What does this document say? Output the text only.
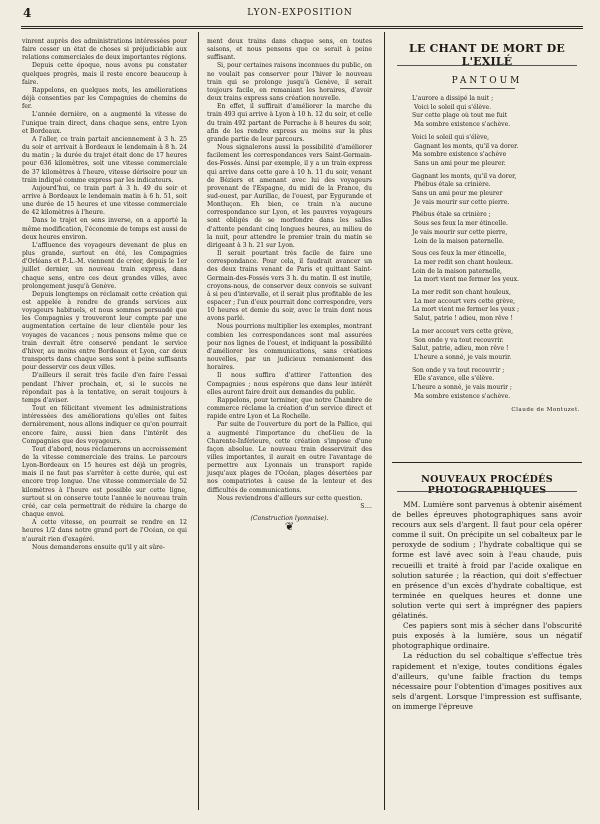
4	LYON-EXPOSITION

vinrent auprès des administrations intéressées pour faire cesser un état de choses si préjudiciable aux relations commerciales de deux importantes régions.

Depuis cette époque, nous avons pu constater quelques progrès, mais il reste encore beaucoup à faire.

Rappelons, en quelques mots, les améliorations déjà consenties par les Compagnies de chemins de fer.

L'année dernière, on a augmenté la vitesse de l'unique train direct, dans chaque sens, entre Lyon et Bordeaux.

A l'aller, ce train partait anciennement à 3 h. 25 du soir et arrivait à Bordeaux le lendemain à 8 h. 24 du matin ; la durée du trajet était donc de 17 heures pour 636 kilomètres, soit une vitesse commerciale de 37 kilomètres à l'heure, vitesse dérisoire pour un train indiqué comme express par les indicateurs.

Aujourd'hui, ce train part à 3 h. 49 du soir et arrive à Bordeaux le lendemain matin à 6 h. 51, soit une durée de 15 heures et une vitesse commerciale de 42 kilomètres à l'heure.

Dans le trajet en sens inverse, on a apporté la même modification, l'économie de temps est aussi de deux heures environ.

L'affluence des voyageurs devenant de plus en plus grande, surtout en été, les Compagnies d'Orléans et P.-L.-M. viennent de créer, depuis le 1er juillet dernier, un nouveau train express, dans chaque sens, entre ces deux grandes villes, avec prolongement jusqu'à Genève.

Depuis longtemps on réclamait cette création qui est appelée à rendre de grands services aux voyageurs habituels, et nous sommes persuadé que les Compagnies y trouveront leur compte par une augmentation certaine de leur clientèle pour les voyages de vacances ; nous pensons même que ce train devrait être conservé pendant le service d'hiver, au moins entre Bordeaux et Lyon, car deux transports dans chaque sens sont à peine suffisants pour desservir ces deux villes.

D'ailleurs il serait très facile d'en faire l'essai pendant l'hiver prochain, et, si le succès ne répondait pas à la tentative, on serait toujours à temps d'aviser.

Tout en félicitant vivement les administrations intéressées des améliorations qu'elles ont faites dernièrement, nous allons indiquer ce qu'on pourrait encore faire, aussi bien dans l'intérêt des Compagnies que des voyageurs.

Tout d'abord, nous réclamerons un accroissement de la vitesse commerciale des trains. Le parcours Lyon-Bordeaux en 15 heures est déjà un progrès, mais il ne faut pas s'arrêter à cette durée, qui est encore trop longue. Une vitesse commerciale de 52 kilomètres à l'heure est possible sur cette ligne, surtout si on conserve toute l'année le nouveau train créé, car cela permettrait de réduire la charge de chaque envoi.

A cette vitesse, on pourrait se rendre en 12 heures 1/2 dans notre grand port de l'Océan, ce qui n'aurait rien d'exagéré.

Nous demanderons ensuite qu'il y ait sûre-

ment deux trains dans chaque sens, en toutes saisons, et nous pensons que ce serait à peine suffisant.

Si, pour certaines raisons inconnues du public, on ne voulait pas conserver pour l'hiver le nouveau train qui se prolonge jusqu'à Genève, il serait toujours facile, en remaniant les horaires, d'avoir deux trains express sans création nouvelle.

En effet, il suffirait d'améliorer la marche du train 493 qui arrive à Lyon à 10 h. 12 du soir, et celle du train 492 partant de Perrache à 8 heures du soir, afin de les rendre express au moins sur la plus grande partie de leur parcours.

Nous signalerons aussi la possibilité d'améliorer facilement les correspondances vers Saint-Germain-des-Fossés. Ainsi par exemple, il y a un train express qui arrive dans cette gare à 10 h. 11 du soir, venant de Béziers et amenant avec lui des voyageurs provenant de l'Espagne, du midi de la France, du sud-ouest, par Aurillac, de l'ouest, par Eygurande et Montluçon. Eh bien, ce train n'a aucune correspondance sur Lyon, et les pauvres voyageurs sont obligés de se morfondre dans les salles d'attente pendant cinq longues heures, au milieu de la nuit, pour attendre le premier train du matin se dirigeant à 3 h. 21 sur Lyon.

Il serait pourtant très facile de faire une correspondance. Pour cela, il faudrait avancer un des deux trains venant de Paris et quittant Saint-Germain-des-Fossés vers 3 h. du matin. Il est inutile, croyons-nous, de conserver deux convois se suivant à si peu d'intervalle, et il serait plus profitable de les espacer ; l'un d'eux pourrait donc correspondre, vers 10 heures et demie du soir, avec le train dont nous avons parlé.

Nous pourrions multiplier les exemples, montrant combien les correspondances sont mal assurées pour nos lignes de l'ouest, et indiquant la possibilité d'améliorer les communications, sans créations nouvelles, par un judicieux remaniement des horaires.

Il nous suffira d'attirer l'attention des Compagnies ; nous espérons que dans leur intérêt elles auront faire droit aux demandes du public.

Rappelons, pour terminer, que notre Chambre de commerce réclame la création d'un service direct et rapide entre Lyon et La Rochelle.

Par suite de l'ouverture du port de la Pallice, qui a augmenté l'importance du chef-lieu de la Charente-Inférieure, cette création s'impose d'une façon absolue. Le nouveau train desservirait des villes importantes, il aurait en outre l'avantage de permettre aux Lyonnais un transport rapide jusqu'aux plages de l'Océan, plages désertées par nos compatriotes à cause de la lenteur et des difficultés de communications.

Nous reviendrons d'ailleurs sur cette question.

S....

(Construction lyonnaise).

❦

LE CHANT DE MORT DE L'EXILÉ
PANTOUM
L'aurore a dissipé la nuit ;
Voici le soleil qui s'élève.
Sur cette plage où tout me fuit
Ma sombre existence s'achève.
Voici le soleil qui s'élève,
Gagnant les monts, qu'il va dorer.
Ma sombre existence s'achève
Sans un ami pour me pleurer.
Gagnant les monts, qu'il va dorer,
Phébus étale sa crinière.
Sans un ami pour me pleurer
Je vais mourir sur cette pierre.
Phébus étale sa crinière ;
Sous ses feux la mer étincelle.
Je vais mourir sur cette pierre,
Loin de la maison paternelle.
Sous ces feux la mer étincelle,
La mer redit son chant houleux.
Loin de la maison paternelle,
La mort vient me fermer les yeux.
La mer redit son chant houleux,
La mer accourt vers cette grève,
La mort vient me fermer les yeux ;
Salut, patrie ! adieu, mon rêve !
La mer accourt vers cette grève,
Son onde y va tout recouvrir.
Salut, patrie, adieu, mon rêve !
L'heure a sonné, je vais mourir.
Son onde y va tout recouvrir ;
Elle s'avance, elle s'élève.
L'heure a sonné, je vais mourir ;
Ma sombre existence s'achève.
Claude de Montuzet.
NOUVEAUX PROCÉDÉS PHOTOGRAPHIQUES

MM. Lumière sont parvenus à obtenir aisément de belles épreuves photographiques sans avoir recours aux sels d'argent. Il faut pour cela opérer comme il suit. On précipite un sel cobalteux par le peroxyde de sodium ; l'hydrate cobaltique qui se forme est lavé avec soin à l'eau chaude, puis recueilli et traité à froid par l'acide oxalique en solution saturée ; la réaction, qui doit s'effectuer en présence d'un excès d'hydrate cobaltique, est terminée en quelques heures et donne une solution verte qui sert à imprégner des papiers gélatinés.

Ces papiers sont mis à sécher dans l'obscurité puis exposés à la lumière, sous un négatif photographique ordinaire.

La réduction du sel cobaltique s'effectue très rapidement et n'exige, toutes conditions égales d'ailleurs, qu'une faible fraction du temps nécessaire pour l'obtention d'images positives aux sels d'argent. Lorsque l'impression est suffisante, on immerge l'épreuve
